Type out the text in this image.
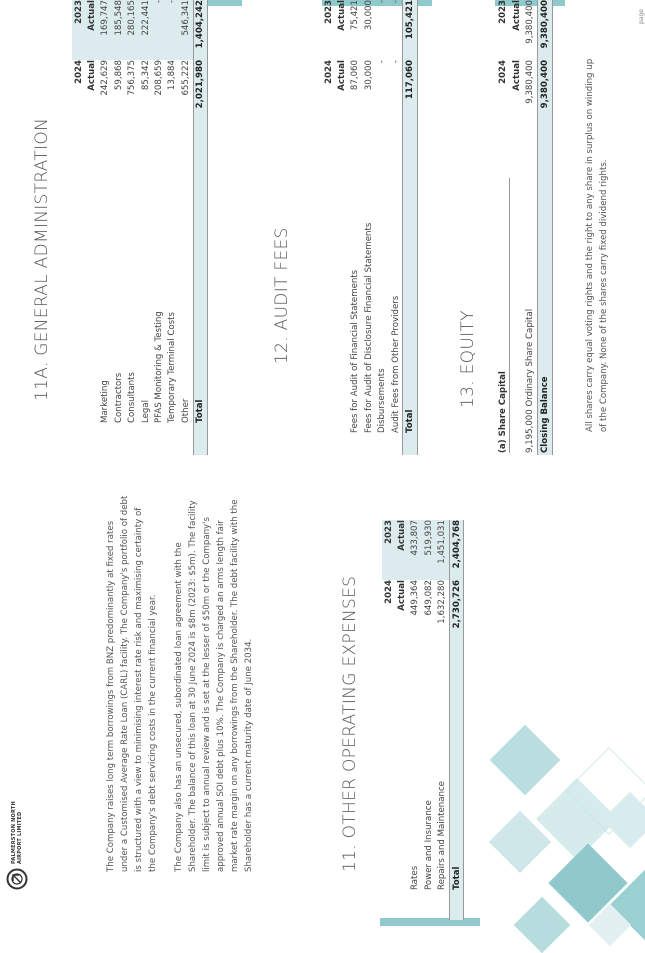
PALMERSTON NORTH AIRPORT LIMITED	The Company raises long term borrowings from BNZ predominantly at fixed rates under a Customised Average Rate Loan (CARL) facility. The Company's portfolio of debt is structured with a view to minimising interest rate risk and maximising certainty of the Company's debt servicing costs in the current financial year. The Company also has an unsecured, subordinated loan agreement with the Shareholder. The balance of this loan at 30 June 2024 is $8m (2023: $5m). The facility limit is subject to annual review and is set at the lesser of $50m or the Company's approved annual SOI debt plus 10%. The Company is charged an arms length fair market rate margin on any borrowings from the Shareholder. The debt facility with the Shareholder has a current maturity date of June 2034.	11. OTHER OPERATING EXPENSES
				2024	2023
			Actual	Actual
Rates			449,364	433,807
Power and Insurance			649,082	519,930
Repairs and Maintenance			1,632,280	1,451,031
Total			2,730,726	2,404,768
11A. GENERAL ADMINISTRATION
			2024	2023
			Actual	Actual
	Marketing		242,629	169,747
	Contractors		59,868	185,548
	Consultants		756,375	280,165
	Legal		85,342	222,441
	PFAS Monitoring & Testing		208,659	-
	Temporary Terminal Costs		13,884	-
	Other		655,222	546,341
	Total		2,021,980	1,404,242
12. AUDIT FEES
			2024	2023
			Actual	Actual
	Fees for Audit of Financial Statements		87,060	75,421
	Fees for Audit of Disclosure Financial Statements		30,000	30,000
	Disbursements		-	-
	Audit Fees from Other Providers		-	-
	Total		117,060	105,421
13. EQUITY
	(a) Share Capital		2024	2023
			Actual	Actual
	9,195,000 Ordinary Share Capital		9,380,400	9,380,400
	Closing Balance		9,380,400	9,380,400
All shares carry equal voting rights and the right to any share in surplus on winding up of the Company. None of the shares carry fixed dividend rights.
page
